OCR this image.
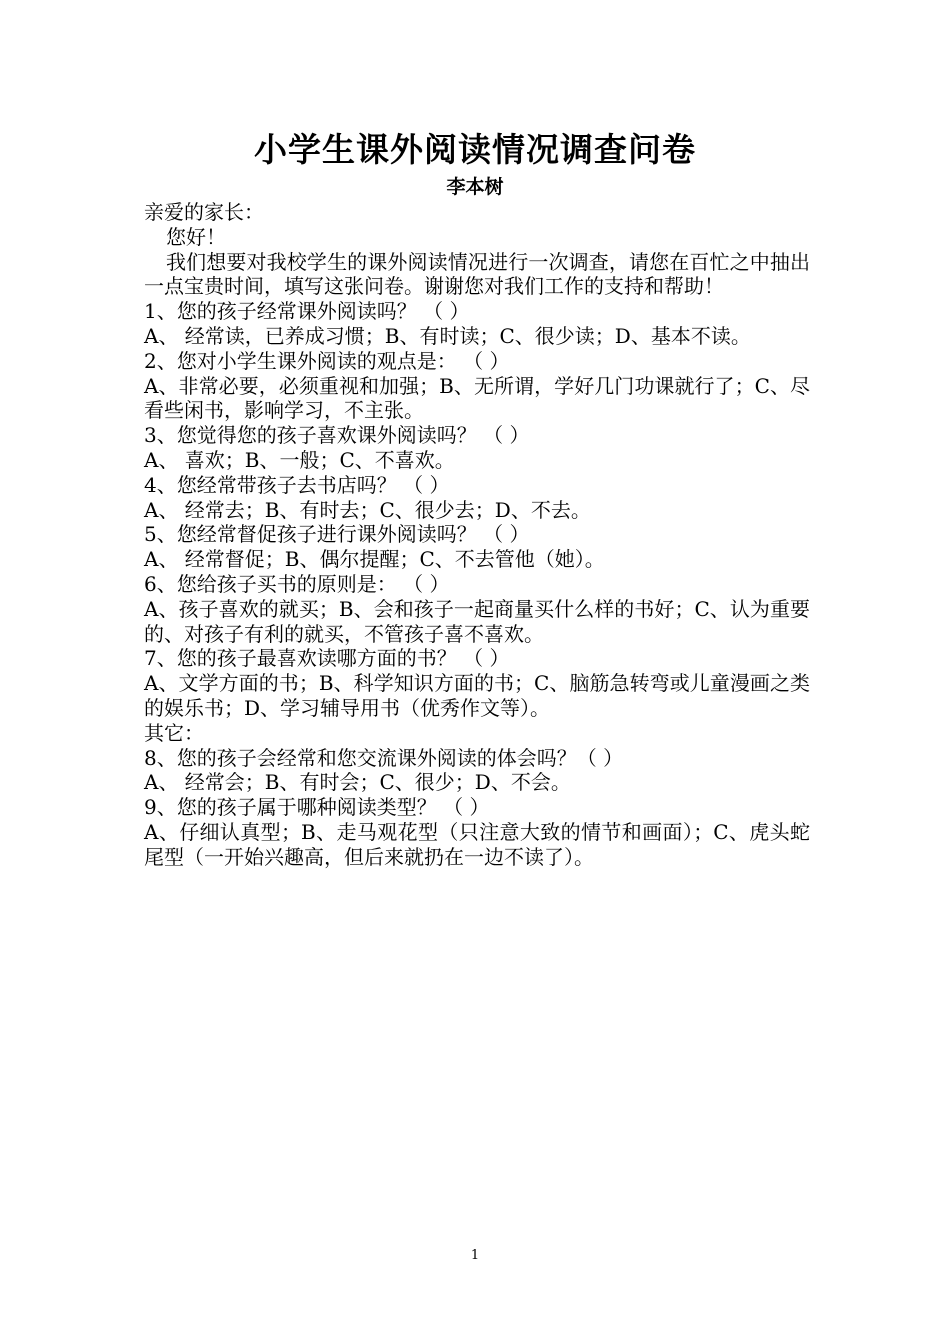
小学生课外阅读情况调查问卷
李本树

亲爱的家长：

您好！

我们想要对我校学生的课外阅读情况进行一次调查，请您在百忙之中抽出一点宝贵时间，填写这张问卷。谢谢您对我们工作的支持和帮助！

1、您的孩子经常课外阅读吗？ （ ）

A、 经常读，已养成习惯；B、有时读；C、很少读；D、基本不读。

2、您对小学生课外阅读的观点是： （ ）

A、非常必要，必须重视和加强；B、无所谓，学好几门功课就行了；C、尽看些闲书，影响学习，不主张。

3、您觉得您的孩子喜欢课外阅读吗？ （ ）

A、 喜欢；B、一般；C、不喜欢。

4、您经常带孩子去书店吗？ （ ）

A、 经常去；B、有时去；C、很少去；D、不去。

5、您经常督促孩子进行课外阅读吗？ （ ）

A、 经常督促；B、偶尔提醒；C、不去管他（她）。

6、您给孩子买书的原则是： （ ）

A、孩子喜欢的就买；B、会和孩子一起商量买什么样的书好；C、认为重要的、对孩子有利的就买，不管孩子喜不喜欢。

7、您的孩子最喜欢读哪方面的书？ （ ）

A、文学方面的书；B、科学知识方面的书；C、脑筋急转弯或儿童漫画之类的娱乐书；D、学习辅导用书（优秀作文等）。

其它：

8、您的孩子会经常和您交流课外阅读的体会吗？（ ）

A、 经常会；B、有时会；C、很少；D、不会。

9、您的孩子属于哪种阅读类型？ （ ）

A、仔细认真型；B、走马观花型（只注意大致的情节和画面）；C、虎头蛇尾型（一开始兴趣高，但后来就扔在一边不读了）。

1
